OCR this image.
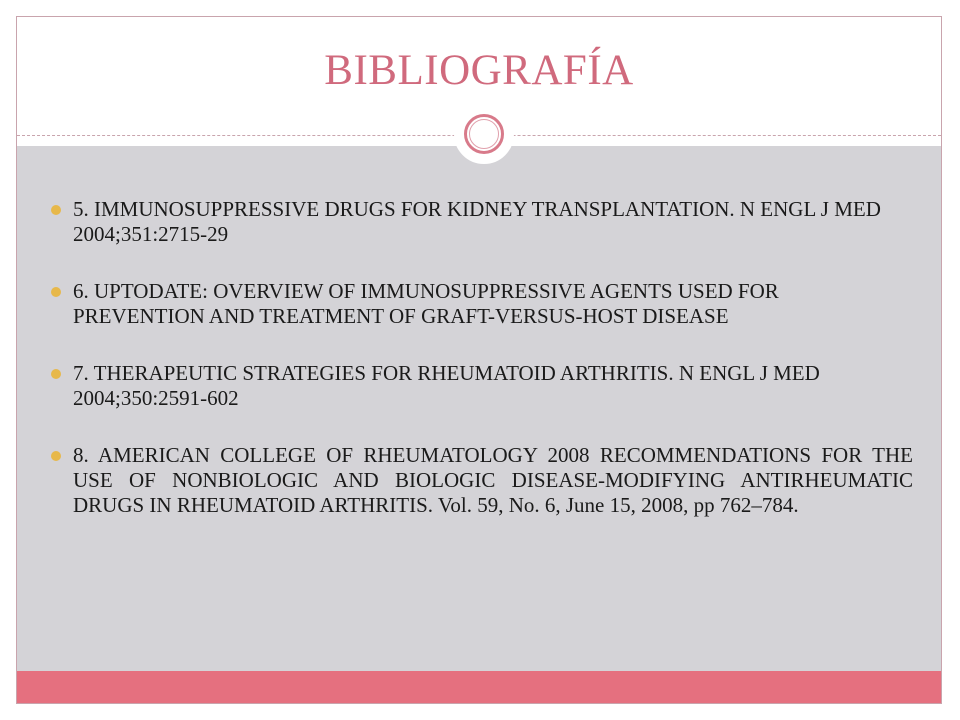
BIBLIOGRAFÍA
5. IMMUNOSUPPRESSIVE DRUGS FOR KIDNEY TRANSPLANTATION. N ENGL J MED 2004;351:2715-29
6. UPTODATE: OVERVIEW OF IMMUNOSUPPRESSIVE AGENTS USED FOR PREVENTION AND TREATMENT OF GRAFT-VERSUS-HOST DISEASE
7. THERAPEUTIC STRATEGIES FOR RHEUMATOID ARTHRITIS. N ENGL J MED 2004;350:2591-602
8. AMERICAN COLLEGE OF RHEUMATOLOGY 2008 RECOMMENDATIONS FOR THE USE OF NONBIOLOGIC AND BIOLOGIC DISEASE-MODIFYING ANTIRHEUMATIC DRUGS IN RHEUMATOID ARTHRITIS. Vol. 59, No. 6, June 15, 2008, pp 762–784.
